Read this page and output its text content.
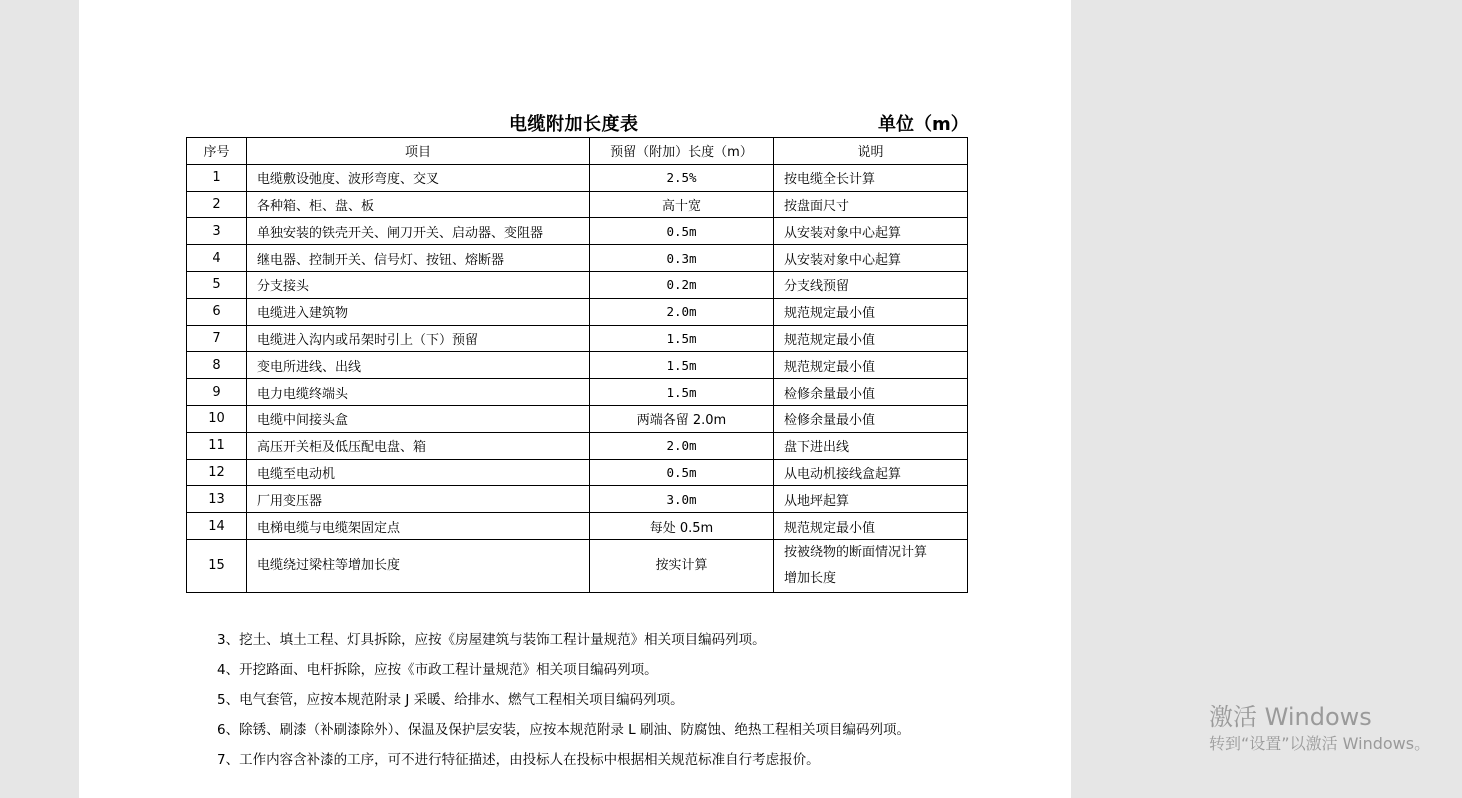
电缆附加长度表	单位（m）
序号	项目	预留（附加）长度（m）	说明
1	电缆敷设弛度、波形弯度、交叉	2.5%	按电缆全长计算
2	各种箱、柜、盘、板	高十宽	按盘面尺寸
3	单独安装的铁壳开关、闸刀开关、启动器、变阻器	0.5m	从安装对象中心起算
4	继电器、控制开关、信号灯、按钮、熔断器	0.3m	从安装对象中心起算
5	分支接头	0.2m	分支线预留
6	电缆进入建筑物	2.0m	规范规定最小值
7	电缆进入沟内或吊架时引上（下）预留	1.5m	规范规定最小值
8	变电所进线、出线	1.5m	规范规定最小值
9	电力电缆终端头	1.5m	检修余量最小值
10	电缆中间接头盒	两端各留 2.0m	检修余量最小值
11	高压开关柜及低压配电盘、箱	2.0m	盘下进出线
12	电缆至电动机	0.5m	从电动机接线盒起算
13	厂用变压器	3.0m	从地坪起算
14	电梯电缆与电缆架固定点	每处 0.5m	规范规定最小值
15	电缆绕过梁柱等增加长度	按实计算	按被绕物的断面情况计算
增加长度
3、挖土、填土工程、灯具拆除，应按《房屋建筑与装饰工程计量规范》相关项目编码列项。
4、开挖路面、电杆拆除，应按《市政工程计量规范》相关项目编码列项。
5、电气套管，应按本规范附录 J 采暖、给排水、燃气工程相关项目编码列项。
6、除锈、刷漆（补刷漆除外）、保温及保护层安装，应按本规范附录 L 刷油、防腐蚀、绝热工程相关项目编码列项。
7、工作内容含补漆的工序，可不进行特征描述，由投标人在投标中根据相关规范标准自行考虑报价。
激活 Windows
转到“设置”以激活 Windows。
